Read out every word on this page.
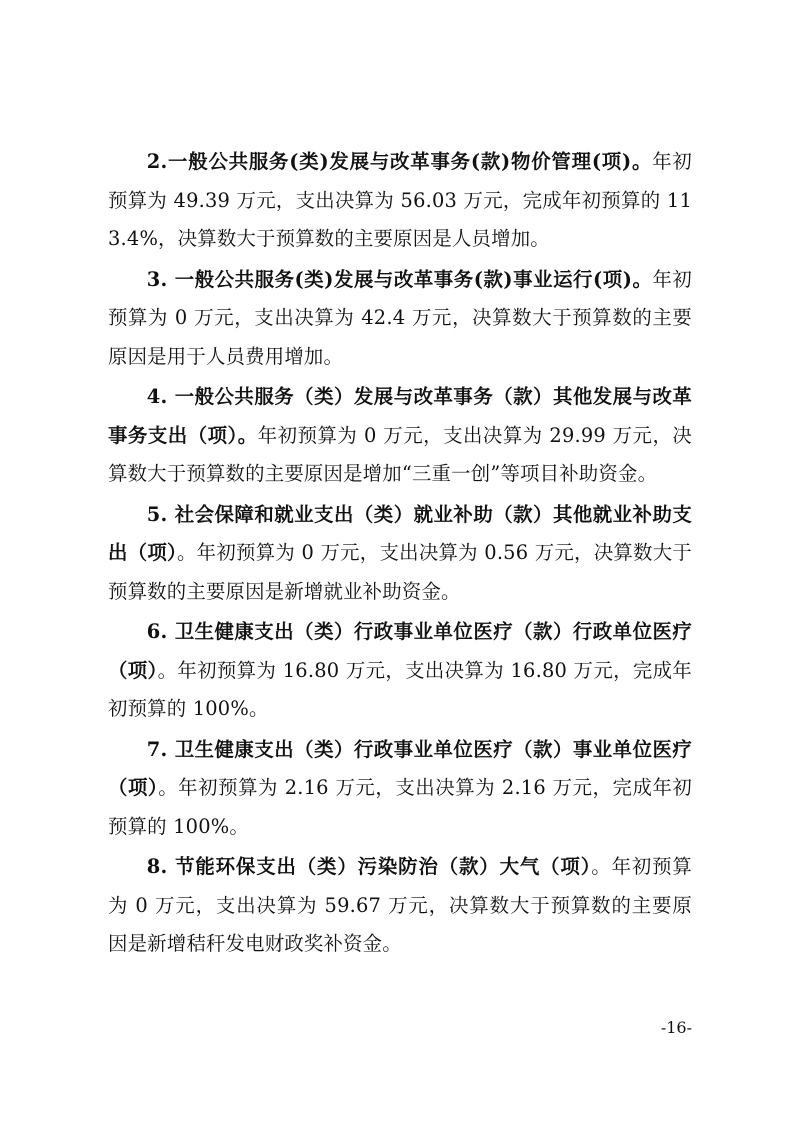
2.一般公共服务(类)发展与改革事务(款)物价管理(项)。年初预算为 49.39 万元，支出决算为 56.03 万元，完成年初预算的 113.4%，决算数大于预算数的主要原因是人员增加。

3. 一般公共服务(类)发展与改革事务(款)事业运行(项)。年初预算为 0 万元，支出决算为 42.4 万元，决算数大于预算数的主要原因是用于人员费用增加。

4. 一般公共服务（类）发展与改革事务（款）其他发展与改革事务支出（项）。年初预算为 0 万元，支出决算为 29.99 万元，决算数大于预算数的主要原因是增加“三重一创”等项目补助资金。

5. 社会保障和就业支出（类）就业补助（款）其他就业补助支出（项）。年初预算为 0 万元，支出决算为 0.56 万元，决算数大于预算数的主要原因是新增就业补助资金。

6. 卫生健康支出（类）行政事业单位医疗（款）行政单位医疗（项）。年初预算为 16.80 万元，支出决算为 16.80 万元，完成年初预算的 100%。

7. 卫生健康支出（类）行政事业单位医疗（款）事业单位医疗（项）。年初预算为 2.16 万元，支出决算为 2.16 万元，完成年初预算的 100%。

8. 节能环保支出（类）污染防治（款）大气（项）。年初预算为 0 万元，支出决算为 59.67 万元，决算数大于预算数的主要原因是新增秸秆发电财政奖补资金。

-16-
